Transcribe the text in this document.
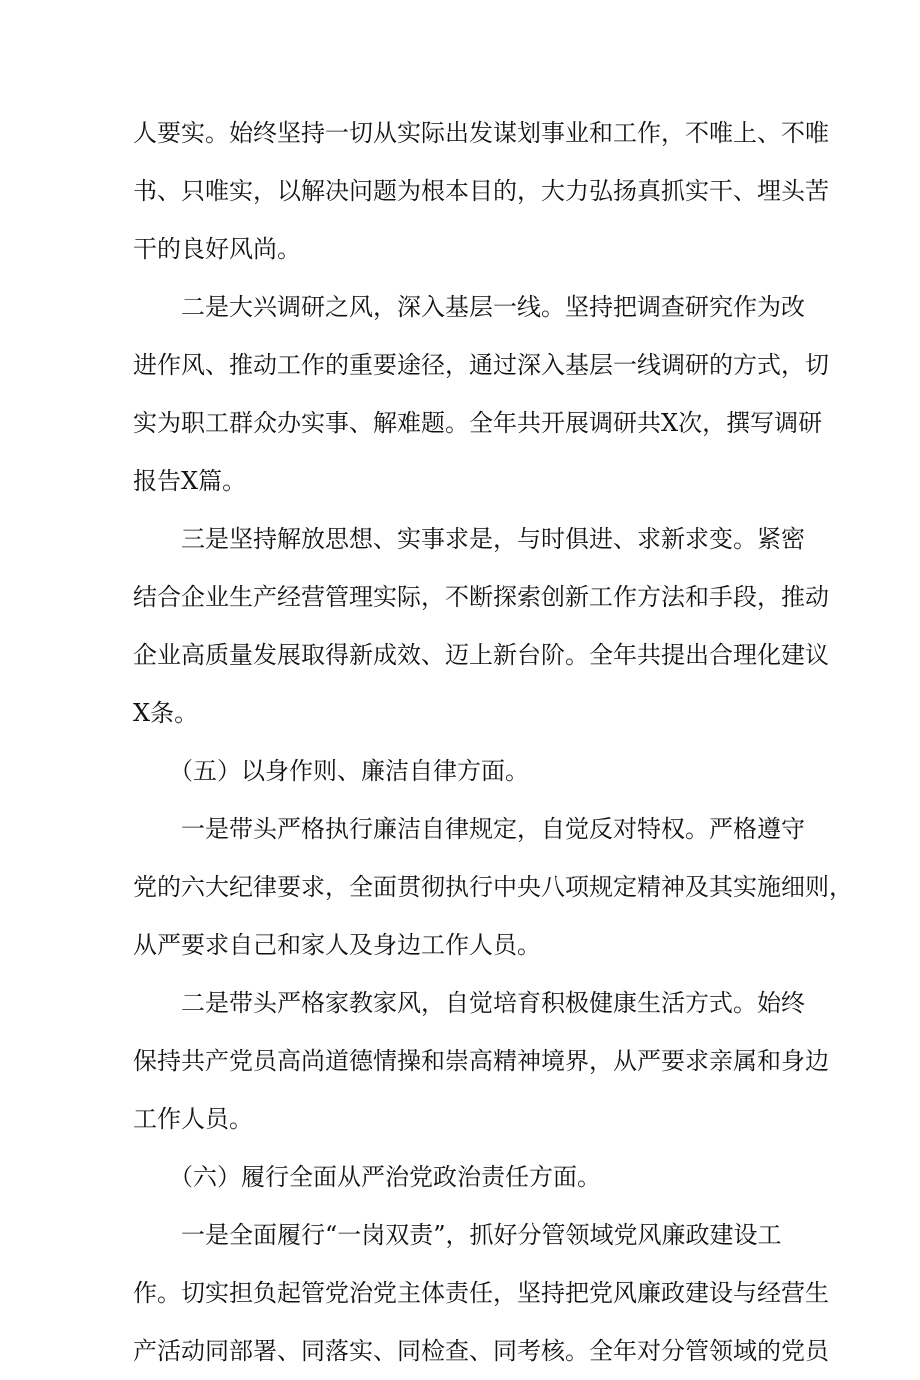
人要实。始终坚持一切从实际出发谋划事业和工作，不唯上、不唯
书、只唯实，以解决问题为根本目的，大力弘扬真抓实干、埋头苦
干的良好风尚。
二是大兴调研之风，深入基层一线。坚持把调查研究作为改
进作风、推动工作的重要途径，通过深入基层一线调研的方式，切
实为职工群众办实事、解难题。全年共开展调研共X次，撰写调研
报告X篇。
三是坚持解放思想、实事求是，与时俱进、求新求变。紧密
结合企业生产经营管理实际，不断探索创新工作方法和手段，推动
企业高质量发展取得新成效、迈上新台阶。全年共提出合理化建议
X条。
（五）以身作则、廉洁自律方面。
一是带头严格执行廉洁自律规定，自觉反对特权。严格遵守
党的六大纪律要求，全面贯彻执行中央八项规定精神及其实施细则，
从严要求自己和家人及身边工作人员。
二是带头严格家教家风，自觉培育积极健康生活方式。始终
保持共产党员高尚道德情操和崇高精神境界，从严要求亲属和身边
工作人员。
（六）履行全面从严治党政治责任方面。
一是全面履行“一岗双责”，抓好分管领域党风廉政建设工
作。切实担负起管党治党主体责任，坚持把党风廉政建设与经营生
产活动同部署、同落实、同检查、同考核。全年对分管领域的党员
